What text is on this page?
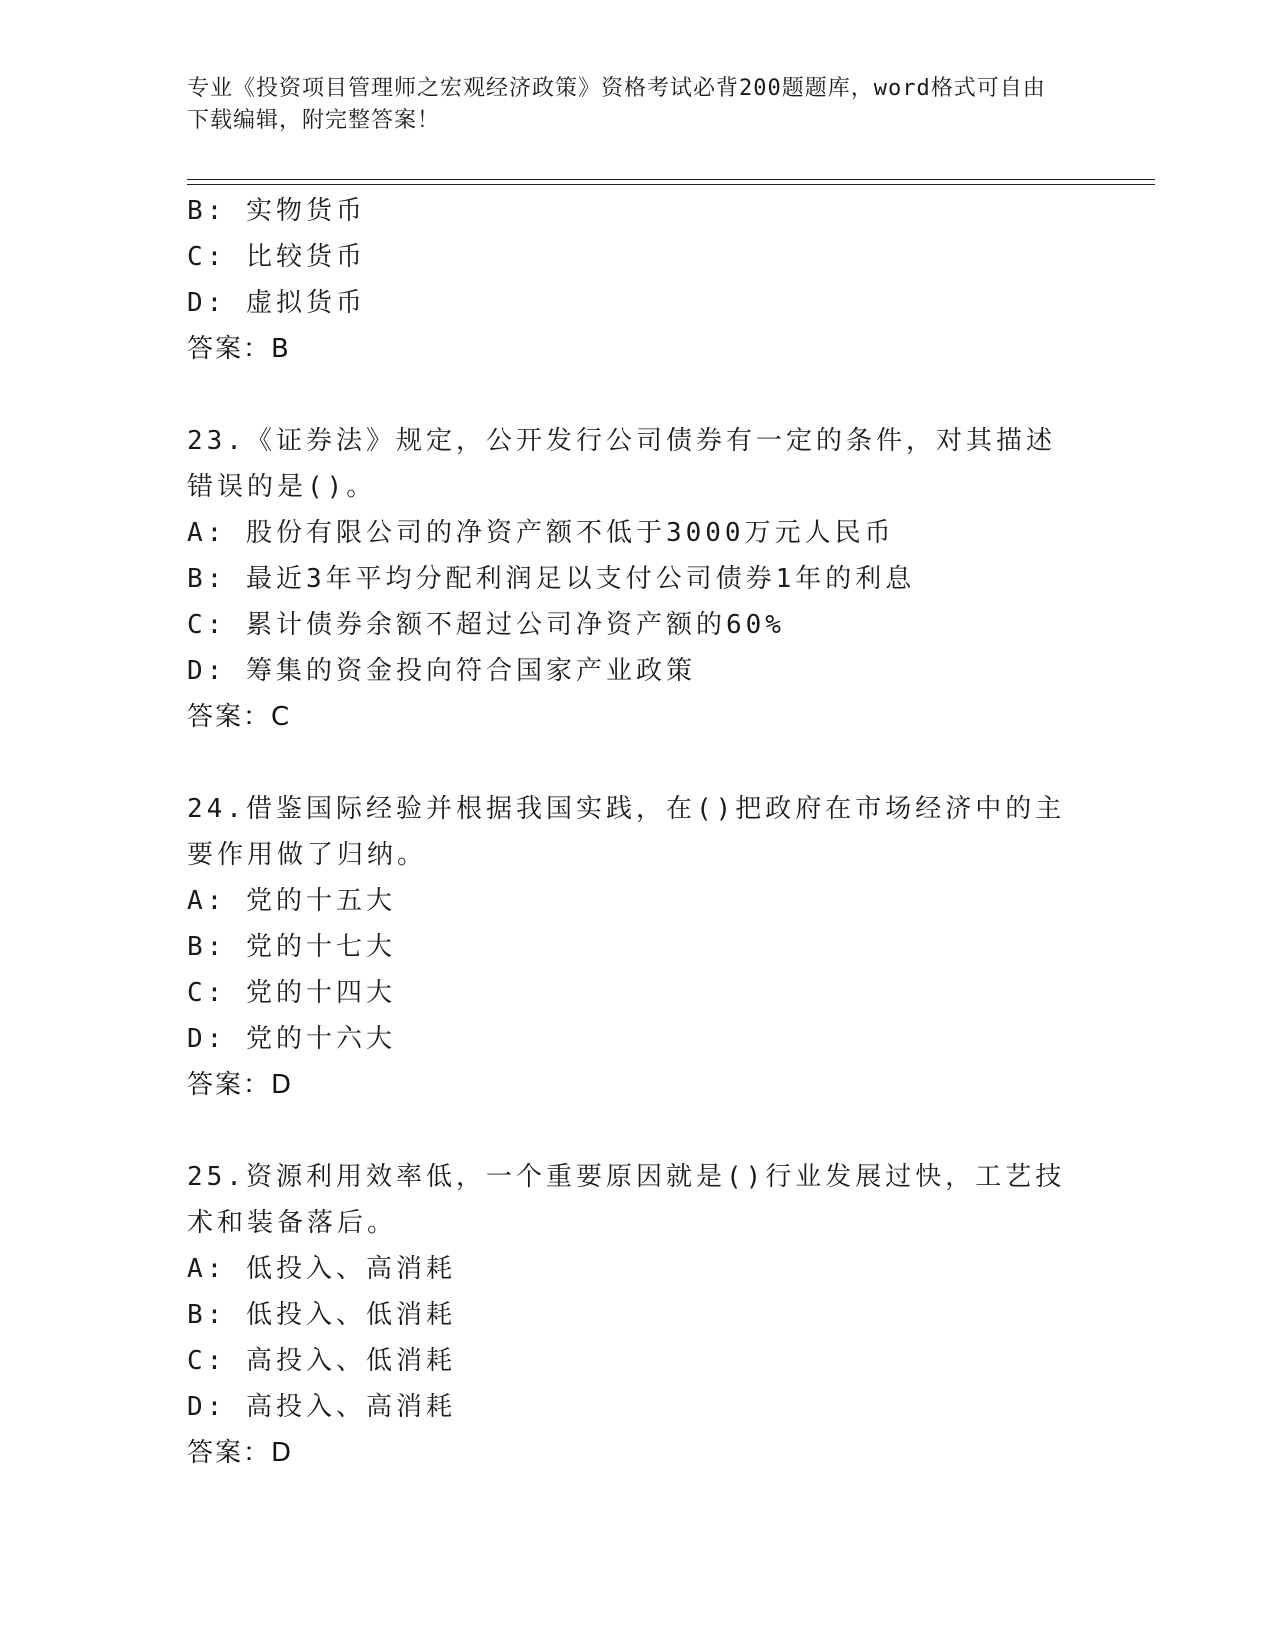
专业《投资项目管理师之宏观经济政策》资格考试必背200题题库，word格式可自由下载编辑，附完整答案！
B: 实物货币
C: 比较货币
D: 虚拟货币
答案：B
23.《证券法》规定，公开发行公司债券有一定的条件，对其描述错误的是()。
A: 股份有限公司的净资产额不低于3000万元人民币
B: 最近3年平均分配利润足以支付公司债券1年的利息
C: 累计债券余额不超过公司净资产额的60%
D: 筹集的资金投向符合国家产业政策
答案：C
24.借鉴国际经验并根据我国实践，在()把政府在市场经济中的主要作用做了归纳。
A: 党的十五大
B: 党的十七大
C: 党的十四大
D: 党的十六大
答案：D
25.资源利用效率低，一个重要原因就是()行业发展过快，工艺技术和装备落后。
A: 低投入、高消耗
B: 低投入、低消耗
C: 高投入、低消耗
D: 高投入、高消耗
答案：D
